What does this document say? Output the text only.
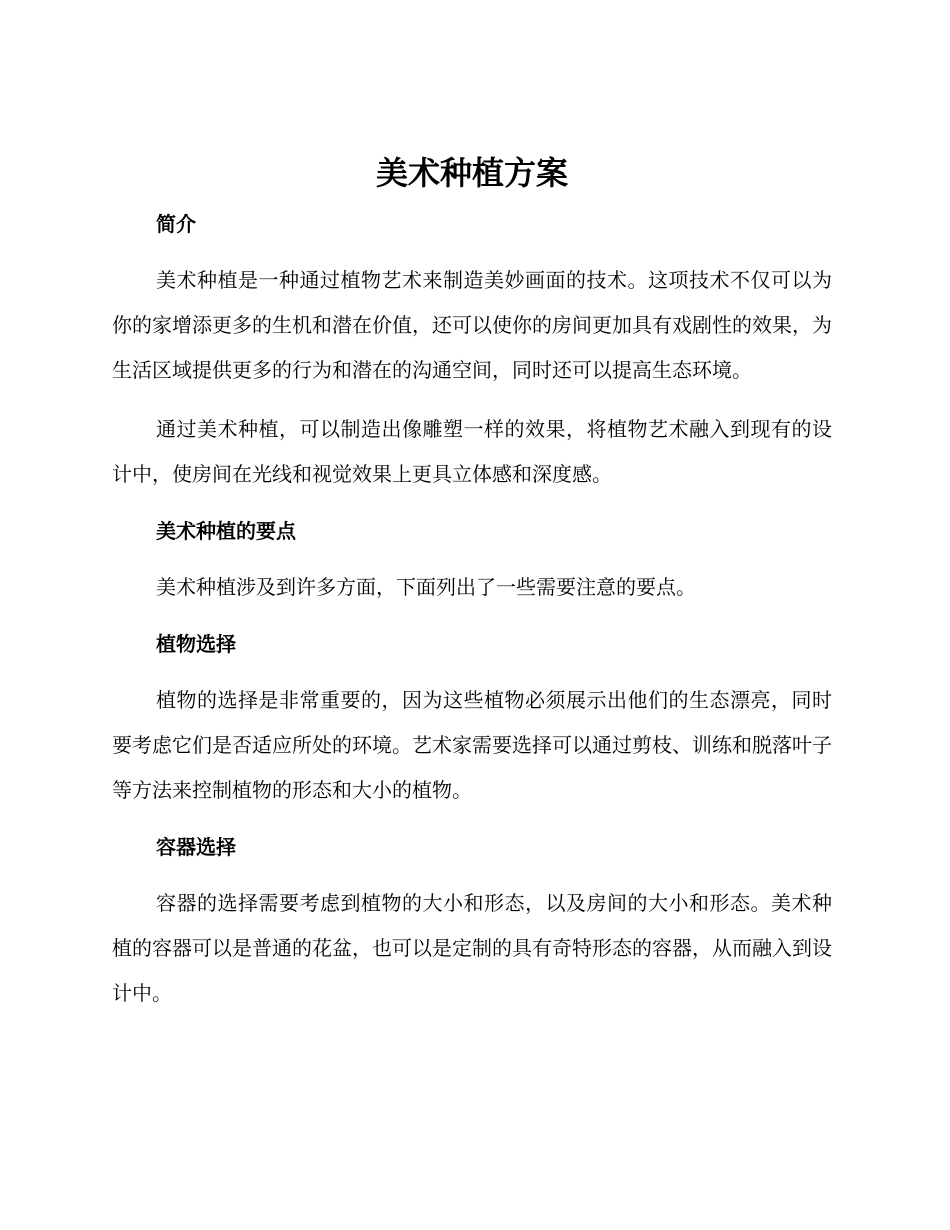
美术种植方案
简介

美术种植是一种通过植物艺术来制造美妙画面的技术。这项技术不仅可以为你的家增添更多的生机和潜在价值，还可以使你的房间更加具有戏剧性的效果，为生活区域提供更多的行为和潜在的沟通空间，同时还可以提高生态环境。

通过美术种植，可以制造出像雕塑一样的效果，将植物艺术融入到现有的设计中，使房间在光线和视觉效果上更具立体感和深度感。

美术种植的要点

美术种植涉及到许多方面，下面列出了一些需要注意的要点。

植物选择

植物的选择是非常重要的，因为这些植物必须展示出他们的生态漂亮，同时要考虑它们是否适应所处的环境。艺术家需要选择可以通过剪枝、训练和脱落叶子等方法来控制植物的形态和大小的植物。

容器选择

容器的选择需要考虑到植物的大小和形态，以及房间的大小和形态。美术种植的容器可以是普通的花盆，也可以是定制的具有奇特形态的容器，从而融入到设计中。
